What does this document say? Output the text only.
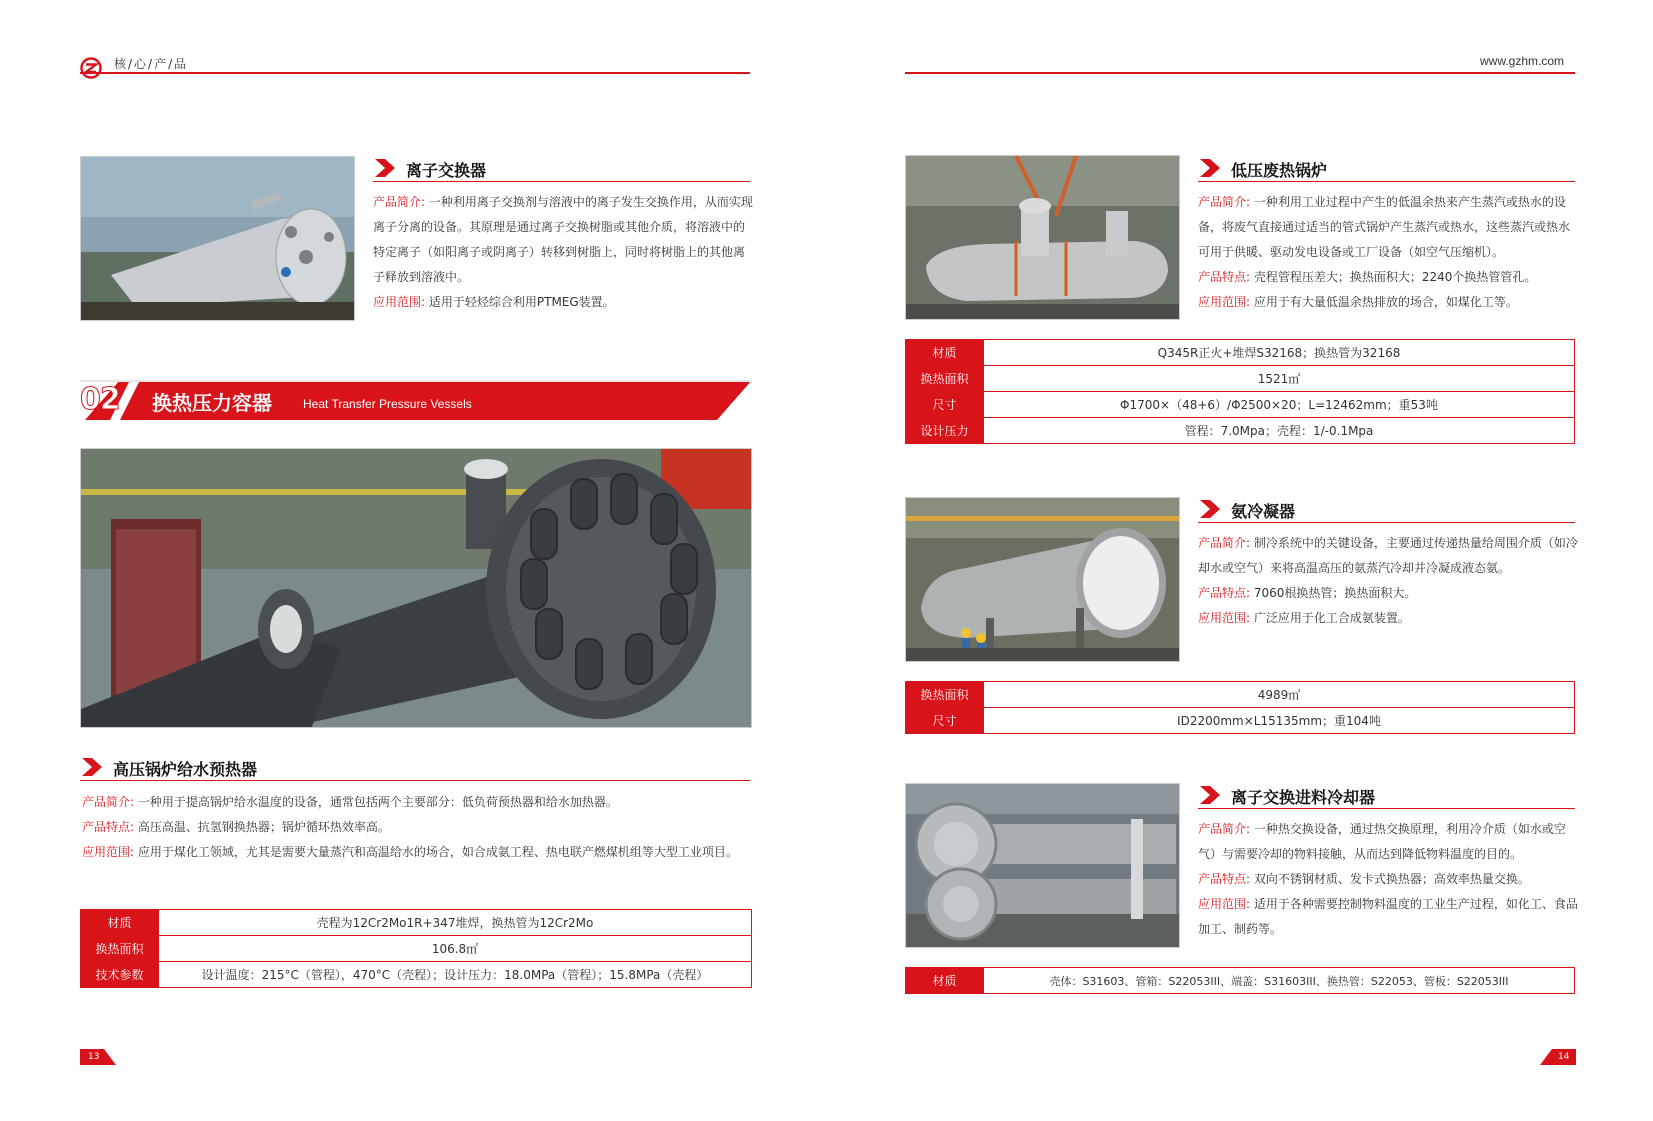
核/心/产/品
离子交换器
产品简介: 一种利用离子交换剂与溶液中的离子发生交换作用，从而实现离子分离的设备。其原理是通过离子交换树脂或其他介质，将溶液中的特定离子（如阳离子或阴离子）转移到树脂上，同时将树脂上的其他离子释放到溶液中。
应用范围: 适用于轻烃综合利用PTMEG装置。
02 换热压力容器	Heat Transfer Pressure Vessels
高压锅炉给水预热器
产品简介: 一种用于提高锅炉给水温度的设备，通常包括两个主要部分：低负荷预热器和给水加热器。
产品特点: 高压高温、抗氢钢换热器；锅炉循环热效率高。
应用范围: 应用于煤化工领域，尤其是需要大量蒸汽和高温给水的场合，如合成氨工程、热电联产燃煤机组等大型工业项目。
材质	壳程为12Cr2Mo1R+347堆焊，换热管为12Cr2Mo
换热面积	106.8㎡
技术参数	设计温度：215°C（管程），470°C（壳程）；设计压力：18.0MPa（管程）；15.8MPa（壳程）
13
www.gzhm.com
低压废热锅炉
产品简介: 一种利用工业过程中产生的低温余热来产生蒸汽或热水的设备，将废气直接通过适当的管式锅炉产生蒸汽或热水，这些蒸汽或热水可用于供暖、驱动发电设备或工厂设备（如空气压缩机）。
产品特点: 壳程管程压差大；换热面积大；2240个换热管管孔。
应用范围: 应用于有大量低温余热排放的场合，如煤化工等。
材质	Q345R正火+堆焊S32168；换热管为32168
换热面积	1521㎡
尺寸	Φ1700×（48+6）/Φ2500×20；L=12462mm；重53吨
设计压力	管程：7.0Mpa；壳程：1/-0.1Mpa
氨冷凝器
产品简介: 制冷系统中的关键设备，主要通过传递热量给周围介质（如冷却水或空气）来将高温高压的氨蒸汽冷却并冷凝成液态氨。
产品特点: 7060根换热管；换热面积大。
应用范围: 广泛应用于化工合成氨装置。
换热面积	4989㎡
尺寸	ID2200mm×L15135mm；重104吨
离子交换进料冷却器
产品简介: 一种热交换设备，通过热交换原理，利用冷介质（如水或空气）与需要冷却的物料接触，从而达到降低物料温度的目的。
产品特点: 双向不锈钢材质、发卡式换热器；高效率热量交换。
应用范围: 适用于各种需要控制物料温度的工业生产过程，如化工、食品加工、制药等。
材质	壳体：S31603、管箱：S22053III、端盖：S31603III、换热管：S22053、管板：S22053III
14
